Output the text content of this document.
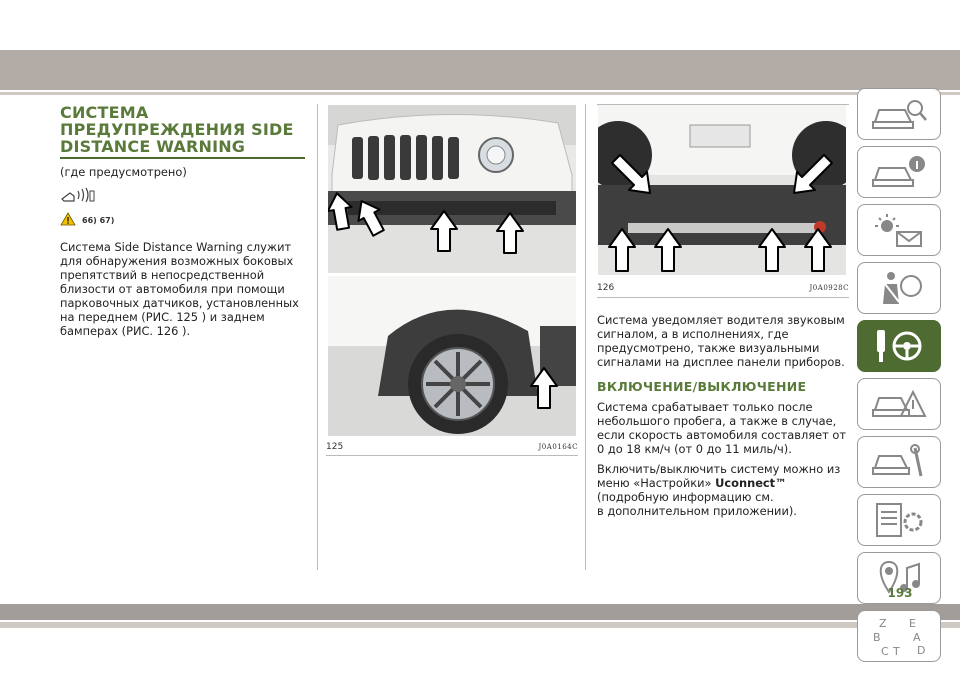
СИСТЕМА
ПРЕДУПРЕЖДЕНИЯ SIDE
DISTANCE WARNING

(где предусмотрено)

66) 67)

Система Side Distance Warning служит для обнаружения возможных боковых препятствий в непосредственной близости от автомобиля при помощи парковочных датчиков, установленных на переднем (РИС. 125 ) и заднем бамперах (РИС. 126 ).

125	J0A0164C
126	J0A0928C

Система уведомляет водителя звуковым сигналом, а в исполнениях, где предусмотрено, также визуальными сигналами на дисплее панели приборов.

ВКЛЮЧЕНИЕ/ВЫКЛЮЧЕНИЕ

Система срабатывает только после небольшого пробега, а также в случае, если скорость автомобиля составляет от 0 до 18 км/ч (от 0 до 11 миль/ч).

Включить/выключить систему можно из меню «Настройки» Uconnect™
(подробную информацию см.
в дополнительном приложении).

Z E
B	A
C	D
T
193
